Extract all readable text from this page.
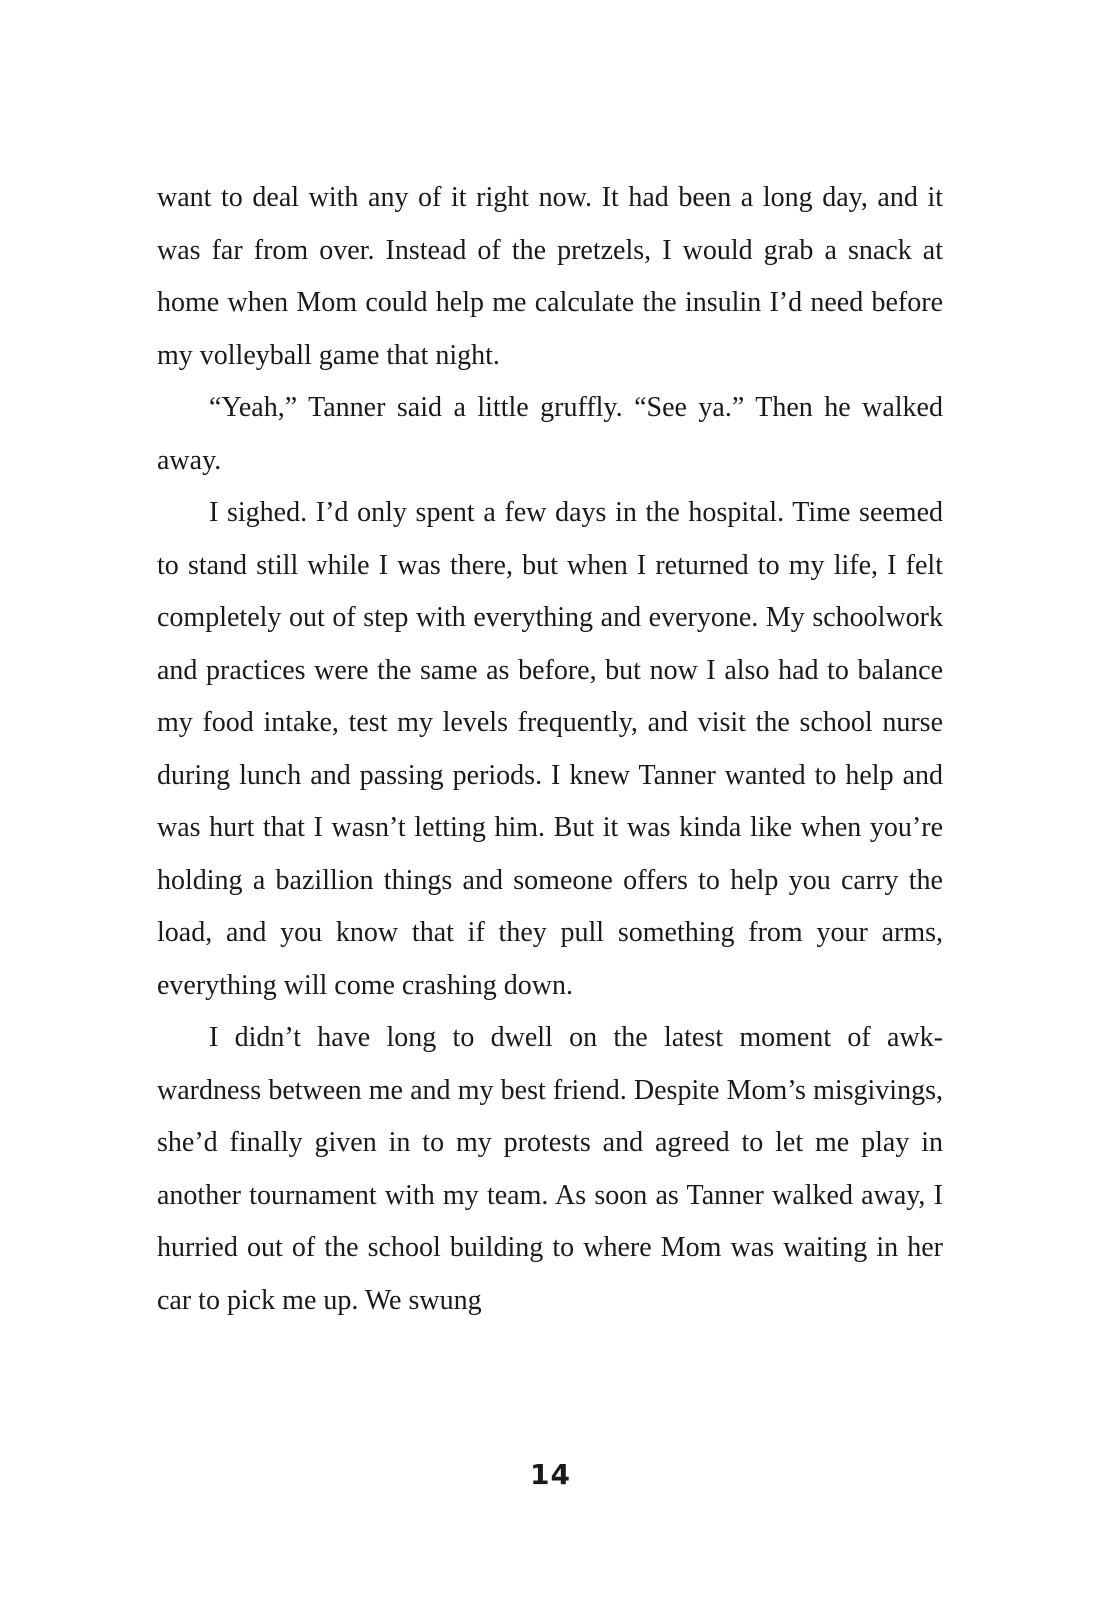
want to deal with any of it right now. It had been a long day, and it was far from over. Instead of the pretzels, I would grab a snack at home when Mom could help me calculate the insulin I’d need before my volleyball game that night.

“Yeah,” Tanner said a little gruffly. “See ya.” Then he walked away.

I sighed. I’d only spent a few days in the hospital. Time seemed to stand still while I was there, but when I returned to my life, I felt completely out of step with everything and everyone. My schoolwork and practices were the same as before, but now I also had to balance my food intake, test my levels frequently, and visit the school nurse during lunch and passing periods. I knew Tanner wanted to help and was hurt that I wasn’t letting him. But it was kinda like when you’re holding a bazillion things and someone offers to help you carry the load, and you know that if they pull something from your arms, everything will come crashing down.

I didn’t have long to dwell on the latest moment of awk-wardness between me and my best friend. Despite Mom’s misgivings, she’d finally given in to my protests and agreed to let me play in another tournament with my team. As soon as Tanner walked away, I hurried out of the school building to where Mom was waiting in her car to pick me up. We swung

14
